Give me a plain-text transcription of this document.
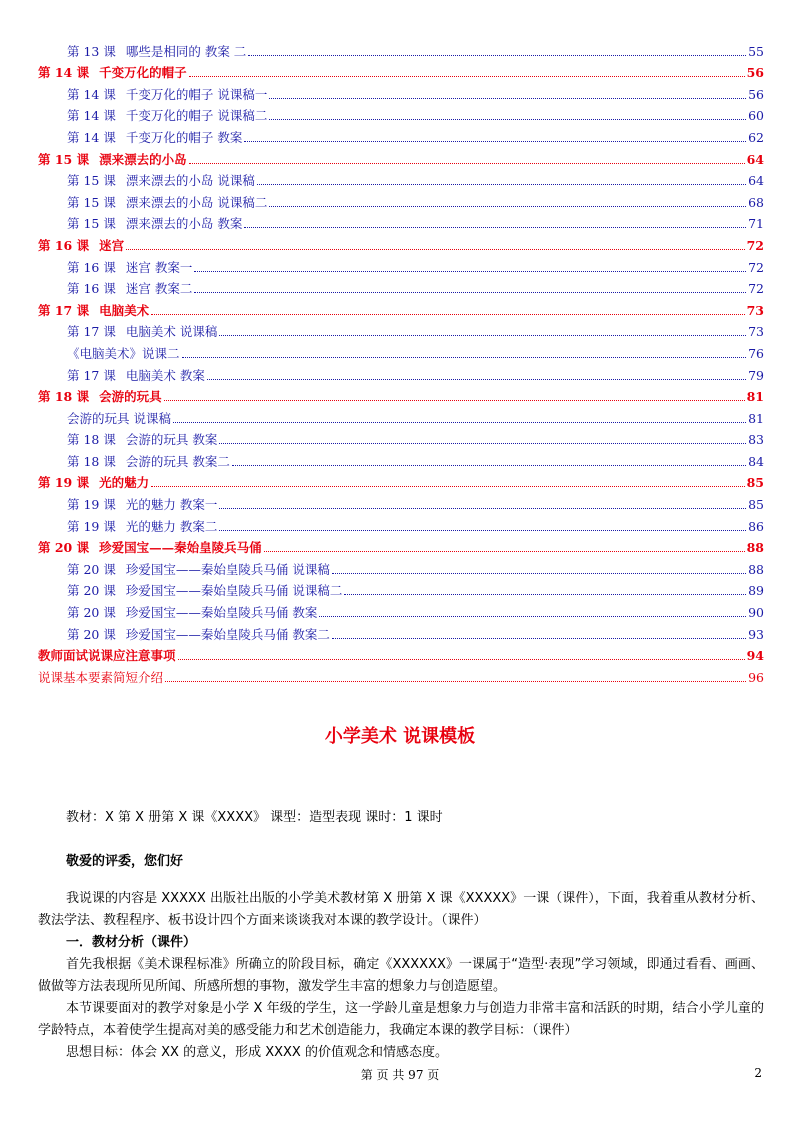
第 13 课 哪些是相同的 教案 二	55
第 14 课 千变万化的帽子	56
第 14 课 千变万化的帽子 说课稿一	56
第 14 课 千变万化的帽子 说课稿二	60
第 14 课 千变万化的帽子 教案	62
第 15 课 漂来漂去的小岛	64
第 15 课 漂来漂去的小岛 说课稿	64
第 15 课 漂来漂去的小岛 说课稿二	68
第 15 课 漂来漂去的小岛 教案	71
第 16 课 迷宫	72
第 16 课 迷宫 教案一	72
第 16 课 迷宫 教案二	72
第 17 课 电脑美术	73
第 17 课 电脑美术 说课稿	73
《电脑美术》说课二	76
第 17 课 电脑美术 教案	79
第 18 课 会游的玩具	81
会游的玩具 说课稿	81
第 18 课 会游的玩具 教案	83
第 18 课 会游的玩具 教案二	84
第 19 课 光的魅力	85
第 19 课 光的魅力 教案一	85
第 19 课 光的魅力 教案二	86
第 20 课 珍爱国宝——秦始皇陵兵马俑	88
第 20 课 珍爱国宝——秦始皇陵兵马俑 说课稿	88
第 20 课 珍爱国宝——秦始皇陵兵马俑 说课稿二	89
第 20 课 珍爱国宝——秦始皇陵兵马俑 教案	90
第 20 课 珍爱国宝——秦始皇陵兵马俑 教案二	93
教师面试说课应注意事项	94
说课基本要素简短介绍	96
小学美术 说课模板
教材：X 第 X 册第 X 课《XXXX》 课型：造型表现 课时：1 课时
敬爱的评委，您们好

我说课的内容是 XXXXX 出版社出版的小学美术教材第 X 册第 X 课《XXXXX》一课（课件），下面，我着重从教材分析、教法学法、教程程序、板书设计四个方面来谈谈我对本课的教学设计。（课件）

一．教材分析（课件）

首先我根据《美术课程标准》所确立的阶段目标，确定《XXXXXX》一课属于“造型·表现”学习领域，即通过看看、画画、做做等方法表现所见所闻、所感所想的事物，激发学生丰富的想象力与创造愿望。

本节课要面对的教学对象是小学 X 年级的学生，这一学龄儿童是想象力与创造力非常丰富和活跃的时期，结合小学儿童的学龄特点，本着使学生提高对美的感受能力和艺术创造能力，我确定本课的教学目标：（课件）

思想目标：体会 XX 的意义，形成 XXXX 的价值观念和情感态度。

第 页 共 97 页	2
